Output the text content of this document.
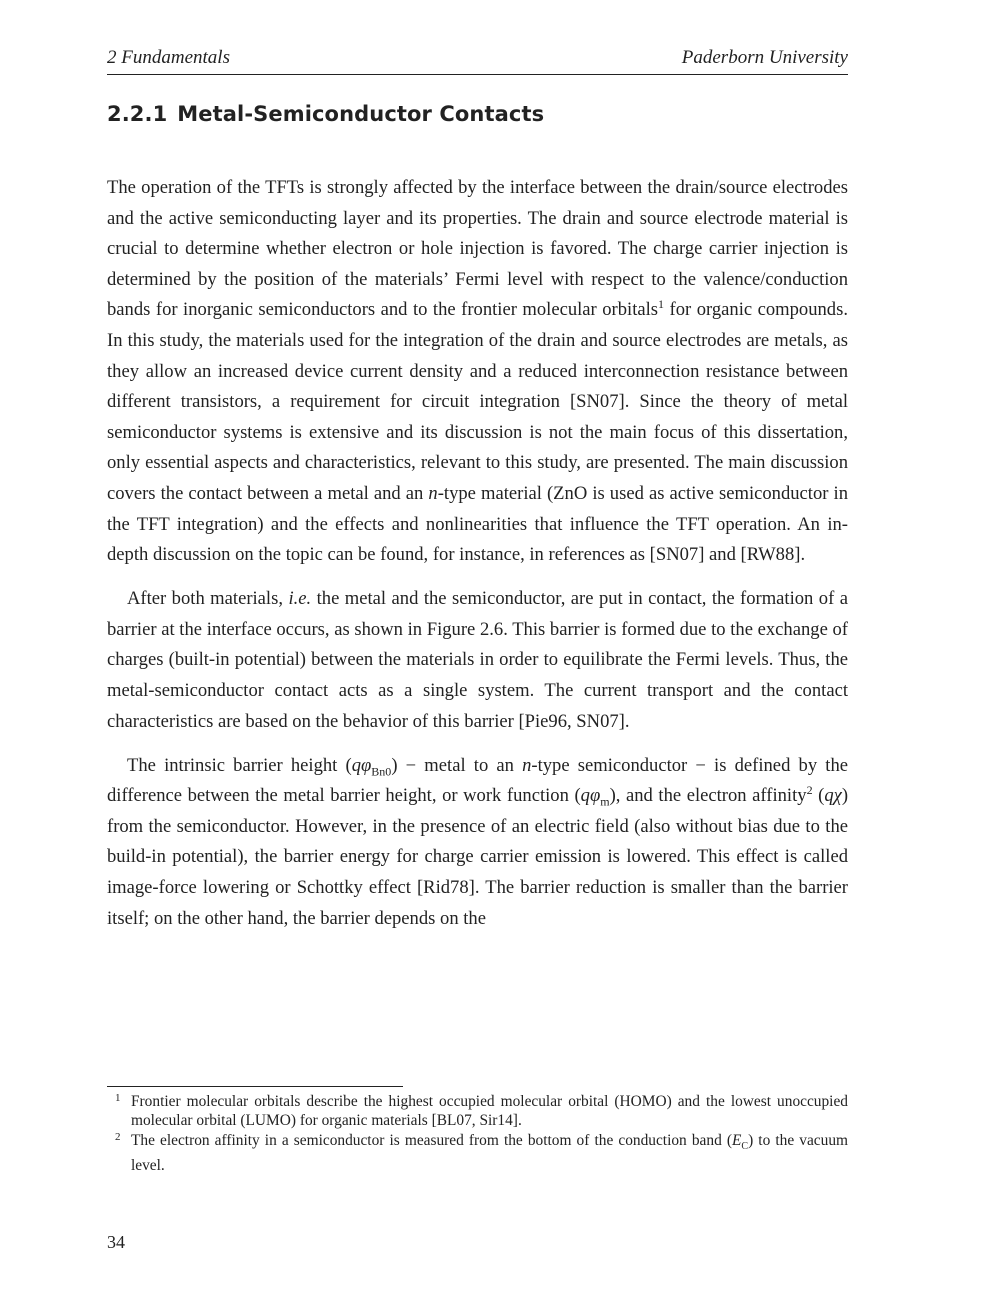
2 Fundamentals	Paderborn University
2.2.1 Metal-Semiconductor Contacts

The operation of the TFTs is strongly affected by the interface between the drain/source electrodes and the active semiconducting layer and its properties. The drain and source electrode material is crucial to determine whether electron or hole injection is favored. The charge carrier injection is determined by the position of the materials’ Fermi level with respect to the valence/conduction bands for inorganic semiconductors and to the frontier molecular orbitals$^1$ for organic compounds. In this study, the materials used for the integration of the drain and source electrodes are metals, as they allow an increased device current density and a reduced interconnection resistance between different transistors, a requirement for circuit integration [SN07]. Since the theory of metal semiconductor systems is extensive and its discussion is not the main focus of this dissertation, only essential aspects and characteristics, relevant to this study, are presented. The main discussion covers the contact between a metal and an n-type material (ZnO is used as active semiconductor in the TFT integration) and the effects and nonlinearities that influence the TFT operation. An in-depth discussion on the topic can be found, for instance, in references as [SN07] and [RW88].

After both materials, i.e. the metal and the semiconductor, are put in contact, the formation of a barrier at the interface occurs, as shown in Figure 2.6. This barrier is formed due to the exchange of charges (built-in potential) between the materials in order to equilibrate the Fermi levels. Thus, the metal-semiconductor contact acts as a single system. The current transport and the contact characteristics are based on the behavior of this barrier [Pie96, SN07].

The intrinsic barrier height $(q\varphi_{Bn0})$ − metal to an n-type semiconductor − is defined by the difference between the metal barrier height, or work function $(q\varphi_m)$, and the electron affinity$^2$ (qχ) from the semiconductor. However, in the presence of an electric field (also without bias due to the build-in potential), the barrier energy for charge carrier emission is lowered. This effect is called image-force lowering or Schottky effect [Rid78]. The barrier reduction is smaller than the barrier itself; on the other hand, the barrier depends on the

1 Frontier molecular orbitals describe the highest occupied molecular orbital (HOMO) and the lowest unoccupied molecular orbital (LUMO) for organic materials [BL07, Sir14].
2 The electron affinity in a semiconductor is measured from the bottom of the conduction band $(E_C)$ to the vacuum level.
34
